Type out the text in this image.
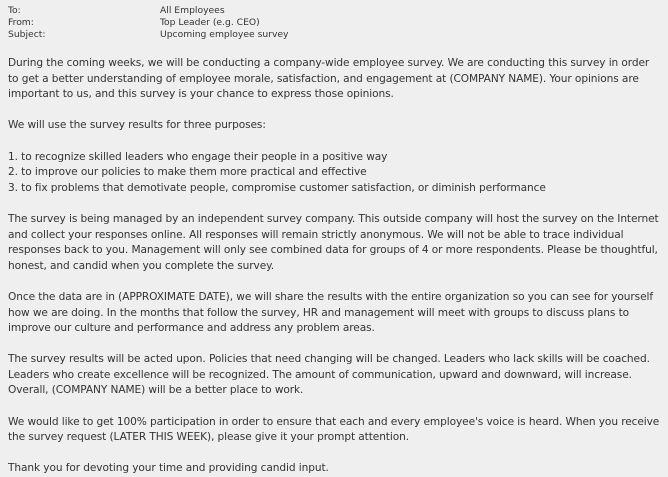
To:	All Employees
From:	Top Leader (e.g. CEO)
Subject:	Upcoming employee survey

During the coming weeks, we will be conducting a company-wide employee survey. We are conducting this survey in order to get a better understanding of employee morale, satisfaction, and engagement at (COMPANY NAME). Your opinions are important to us, and this survey is your chance to express those opinions.

We will use the survey results for three purposes:

1. to recognize skilled leaders who engage their people in a positive way
2. to improve our policies to make them more practical and effective
3. to fix problems that demotivate people, compromise customer satisfaction, or diminish performance

The survey is being managed by an independent survey company. This outside company will host the survey on the Internet and collect your responses online. All responses will remain strictly anonymous. We will not be able to trace individual responses back to you. Management will only see combined data for groups of 4 or more respondents. Please be thoughtful, honest, and candid when you complete the survey.

Once the data are in (APPROXIMATE DATE), we will share the results with the entire organization so you can see for yourself how we are doing. In the months that follow the survey, HR and management will meet with groups to discuss plans to improve our culture and performance and address any problem areas.

The survey results will be acted upon. Policies that need changing will be changed. Leaders who lack skills will be coached. Leaders who create excellence will be recognized. The amount of communication, upward and downward, will increase. Overall, (COMPANY NAME) will be a better place to work.

We would like to get 100% participation in order to ensure that each and every employee's voice is heard. When you receive the survey request (LATER THIS WEEK), please give it your prompt attention.

Thank you for devoting your time and providing candid input.
